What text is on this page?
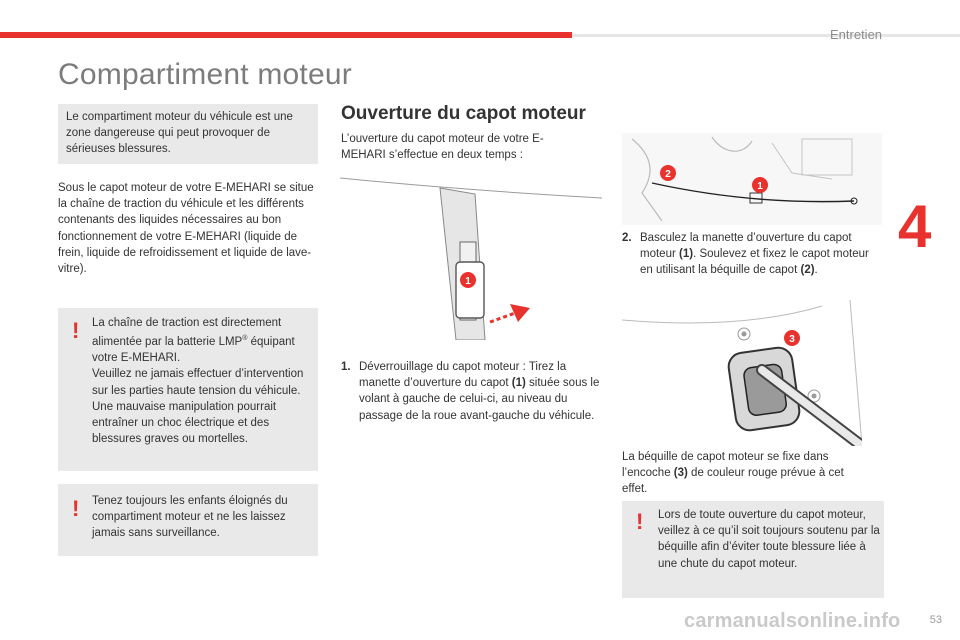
Entretien
Compartiment moteur
4
Le compartiment moteur du véhicule est une zone dangereuse qui peut provoquer de sérieuses blessures.
Sous le capot moteur de votre E-MEHARI se situe la chaîne de traction du véhicule et les différents contenants des liquides nécessaires au bon fonctionnement de votre E-MEHARI (liquide de frein, liquide de refroidissement et liquide de lave-vitre).
! La chaîne de traction est directement alimentée par la batterie LMP® équipant votre E-MEHARI.
Veuillez ne jamais effectuer d’intervention sur les parties haute tension du véhicule.
Une mauvaise manipulation pourrait entraîner un choc électrique et des blessures graves ou mortelles.
! Tenez toujours les enfants éloignés du compartiment moteur et ne les laissez jamais sans surveillance.
Ouverture du capot moteur
L’ouverture du capot moteur de votre E-MEHARI s’effectue en deux temps :
1
1. Déverrouillage du capot moteur : Tirez la manette d’ouverture du capot (1) située sous le volant à gauche de celui-ci, au niveau du passage de la roue avant-gauche du véhicule.
2
1
2. Basculez la manette d’ouverture du capot moteur (1). Soulevez et fixez le capot moteur en utilisant la béquille de capot (2).
3
La béquille de capot moteur se fixe dans l’encoche (3) de couleur rouge prévue à cet effet.
! Lors de toute ouverture du capot moteur, veillez à ce qu’il soit toujours soutenu par la béquille afin d’éviter toute blessure liée à une chute du capot moteur.
53
carmanualsonline.info
